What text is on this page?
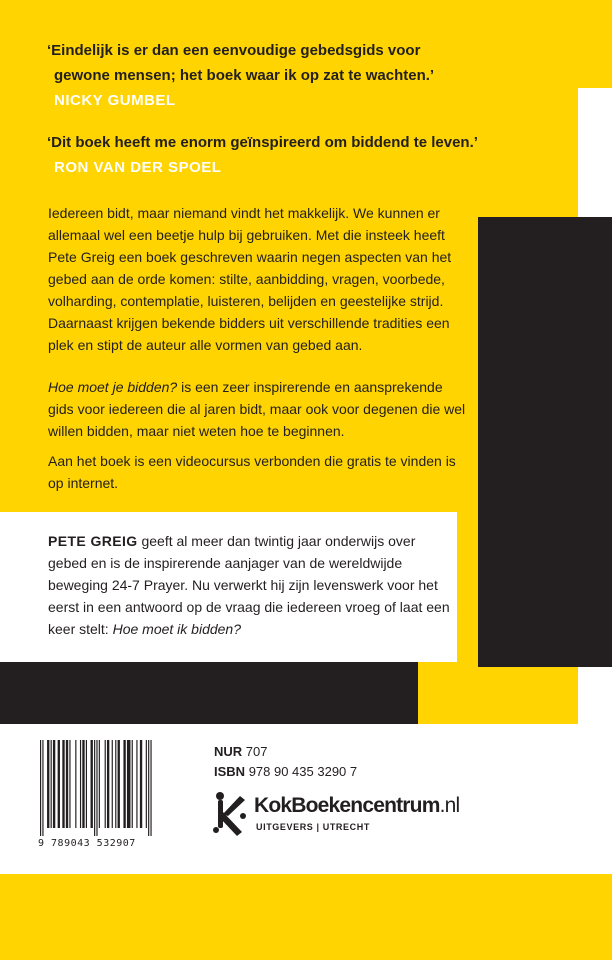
‘Eindelijk is er dan een eenvoudige gebedsgids voor
gewone mensen; het boek waar ik op zat te wachten.’
NICKY GUMBEL

‘Dit boek heeft me enorm geïnspireerd om biddend te leven.’
RON VAN DER SPOEL

Iedereen bidt, maar niemand vindt het makkelijk. We kunnen er allemaal wel een beetje hulp bij gebruiken. Met die insteek heeft Pete Greig een boek geschreven waarin negen aspecten van het gebed aan de orde komen: stilte, aanbidding, vragen, voorbede, volharding, contemplatie, luisteren, belijden en geestelijke strijd. Daarnaast krijgen bekende bidders uit verschillende tradities een plek en stipt de auteur alle vormen van gebed aan.

Hoe moet je bidden? is een zeer inspirerende en aansprekende gids voor iedereen die al jaren bidt, maar ook voor degenen die wel willen bidden, maar niet weten hoe te beginnen.

Aan het boek is een videocursus verbonden die gratis te vinden is op internet.

PETE GREIG geeft al meer dan twintig jaar onderwijs over gebed en is de inspirerende aanjager van de wereldwijde beweging 24-7 Prayer. Nu verwerkt hij zijn levenswerk voor het eerst in een antwoord op de vraag die iedereen vroeg of laat een keer stelt: Hoe moet ik bidden?

9 789043 532907
NUR 707
ISBN 978 90 435 3290 7
KokBoekencentrum.nl
UITGEVERS | UTRECHT
